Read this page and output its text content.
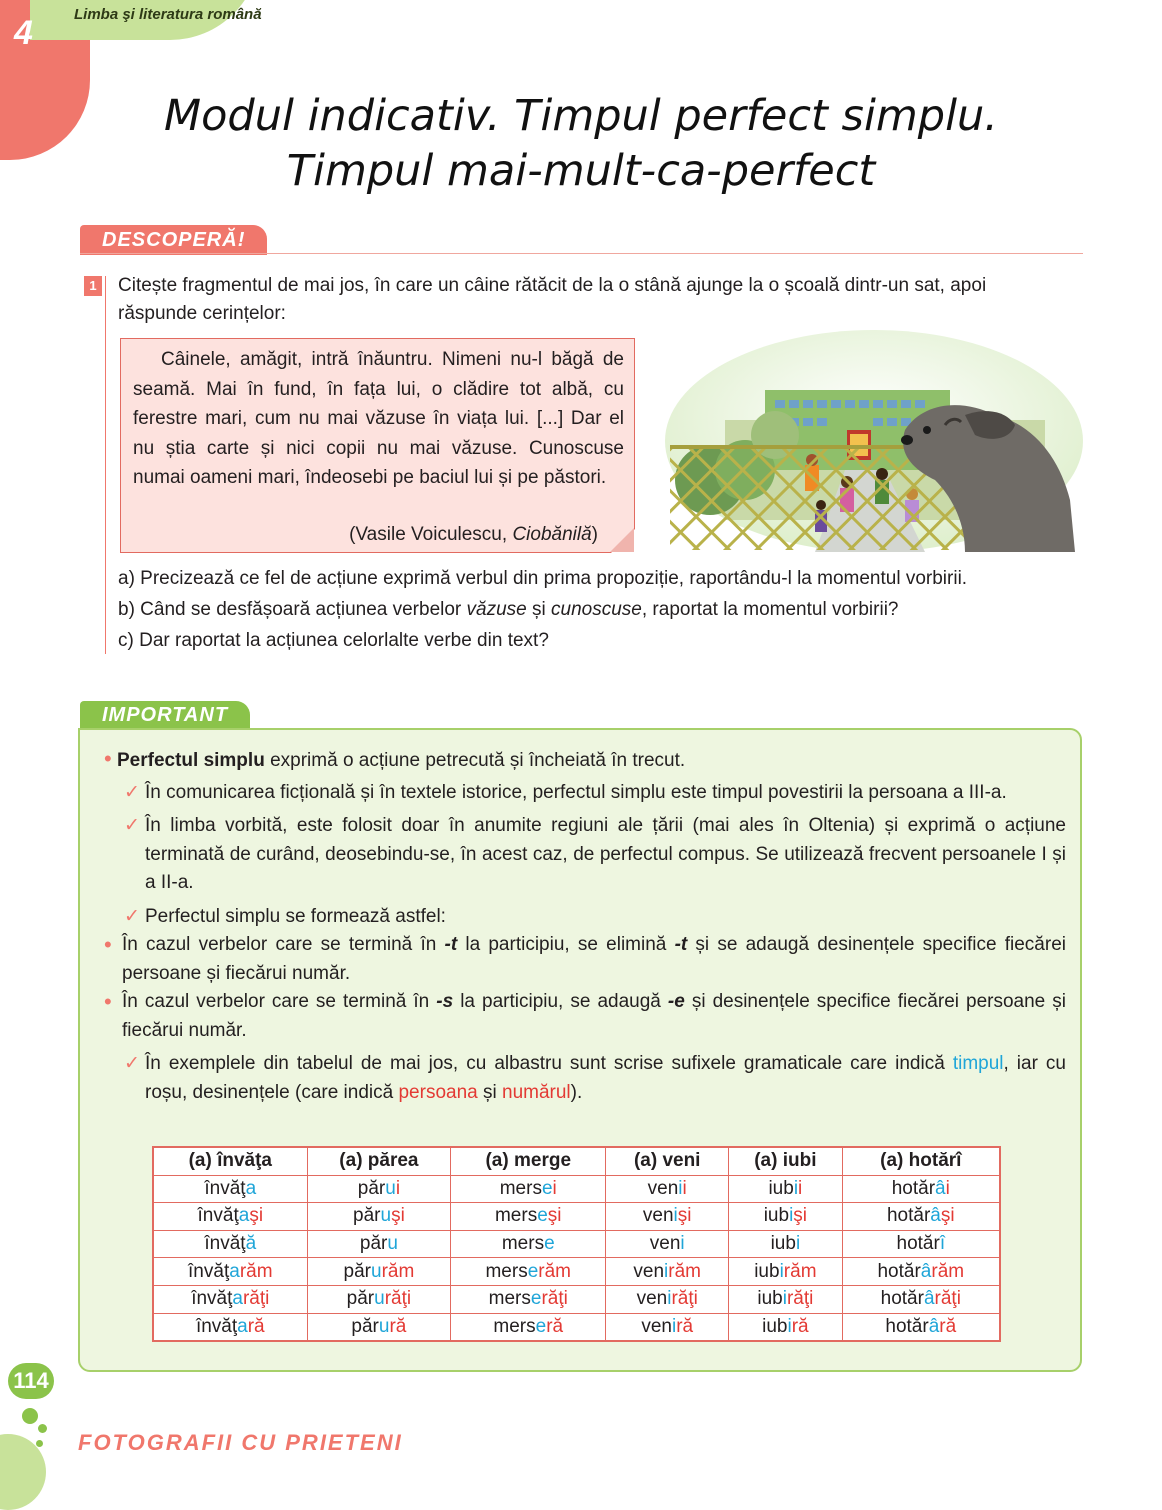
4	Limba şi literatura română
Modul indicativ. Timpul perfect simplu.
Timpul mai-mult-ca-perfect
DESCOPERĂ!
1 Citește fragmentul de mai jos, în care un câine rătăcit de la o stână ajunge la o școală dintr-un sat, apoi
răspunde cerințelor:

Câinele, amăgit, intră înăuntru. Nimeni nu-l băgă de seamă. Mai în fund, în fața lui, o clădire tot albă, cu ferestre mari, cum nu mai văzuse în viața lui. [...] Dar el nu știa carte și nici copii nu mai văzuse. Cunoscuse numai oameni mari, îndeosebi pe baciul lui și pe păstori.

(Vasile Voiculescu, Ciobănilă)
a) Precizează ce fel de acțiune exprimă verbul din prima propoziție, raportându-l la momentul vorbirii.
b) Când se desfășoară acțiunea verbelor văzuse și cunoscuse, raportat la momentul vorbirii?
c) Dar raportat la acțiunea celorlalte verbe din text?
IMPORTANT
• Perfectul simplu exprimă o acțiune petrecută și încheiată în trecut.
✓ În comunicarea ficțională și în textele istorice, perfectul simplu este timpul povestirii la persoana a III-a.
✓ În limba vorbită, este folosit doar în anumite regiuni ale țării (mai ales în Oltenia) și exprimă o acțiune terminată de curând, deosebindu-se, în acest caz, de perfectul compus. Se utilizează frecvent persoanele I și a II-a.
✓ Perfectul simplu se formează astfel:
• În cazul verbelor care se termină în -t la participiu, se elimină -t și se adaugă desinențele specifice fiecărei persoane și fiecărui număr.
• În cazul verbelor care se termină în -s la participiu, se adaugă -e și desinențele specifice fiecărei persoane și fiecărui număr.
✓ În exemplele din tabelul de mai jos, cu albastru sunt scrise sufixele gramaticale care indică timpul, iar cu roșu, desinențele (care indică persoana și numărul).
(a) învăţa	(a) părea	(a) merge	(a) veni	(a) iubi	(a) hotărî
învăţa	părui	mersei	venii	iubii	hotărâi
învăţaşi	păruşi	merseşi	venişi	iubişi	hotărâşi
învăţă	păru	merse	veni	iubi	hotărî
învăţarăm	părurăm	merserăm	venirăm	iubirăm	hotărârăm
învăţarăţi	părurăţi	merserăţi	venirăţi	iubirăţi	hotărârăţi
învăţară	părură	merseră	veniră	iubiră	hotărâră
114
FOTOGRAFII CU PRIETENI
